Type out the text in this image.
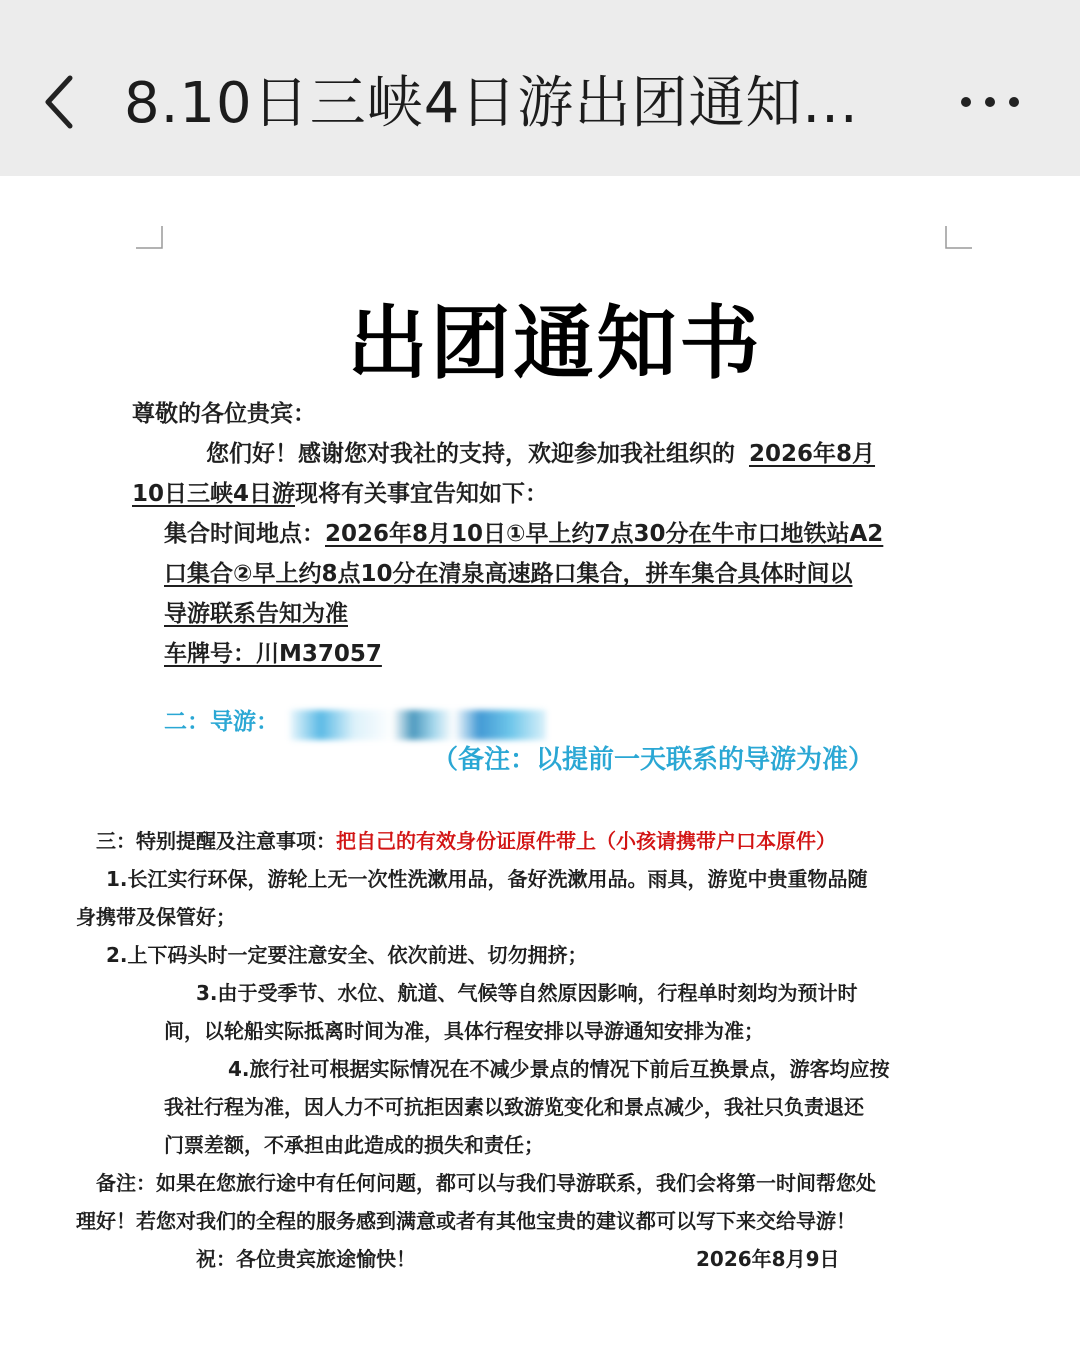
8.10日三峡4日游出团通知...
出团通知书
尊敬的各位贵宾：
您们好！感谢您对我社的支持，欢迎参加我社组织的 2026年8月
10日三峡4日游现将有关事宜告知如下：
集合时间地点：2026年8月10日①早上约7点30分在牛市口地铁站A2
口集合②早上约8点10分在清泉高速路口集合，拼车集合具体时间以
导游联系告知为准
车牌号：川M37057
二：导游：
（备注：以提前一天联系的导游为准）
三：特别提醒及注意事项：把自己的有效身份证原件带上（小孩请携带户口本原件）
1.长江实行环保，游轮上无一次性洗漱用品，备好洗漱用品。雨具，游览中贵重物品随
身携带及保管好；
2.上下码头时一定要注意安全、依次前进、切勿拥挤；
3.由于受季节、水位、航道、气候等自然原因影响，行程单时刻均为预计时
间，以轮船实际抵离时间为准，具体行程安排以导游通知安排为准；
4.旅行社可根据实际情况在不减少景点的情况下前后互换景点，游客均应按
我社行程为准，因人力不可抗拒因素以致游览变化和景点减少，我社只负责退还
门票差额，不承担由此造成的损失和责任；
备注：如果在您旅行途中有任何问题，都可以与我们导游联系，我们会将第一时间帮您处
理好！若您对我们的全程的服务感到满意或者有其他宝贵的建议都可以写下来交给导游！
祝：各位贵宾旅途愉快！	2026年8月9日
